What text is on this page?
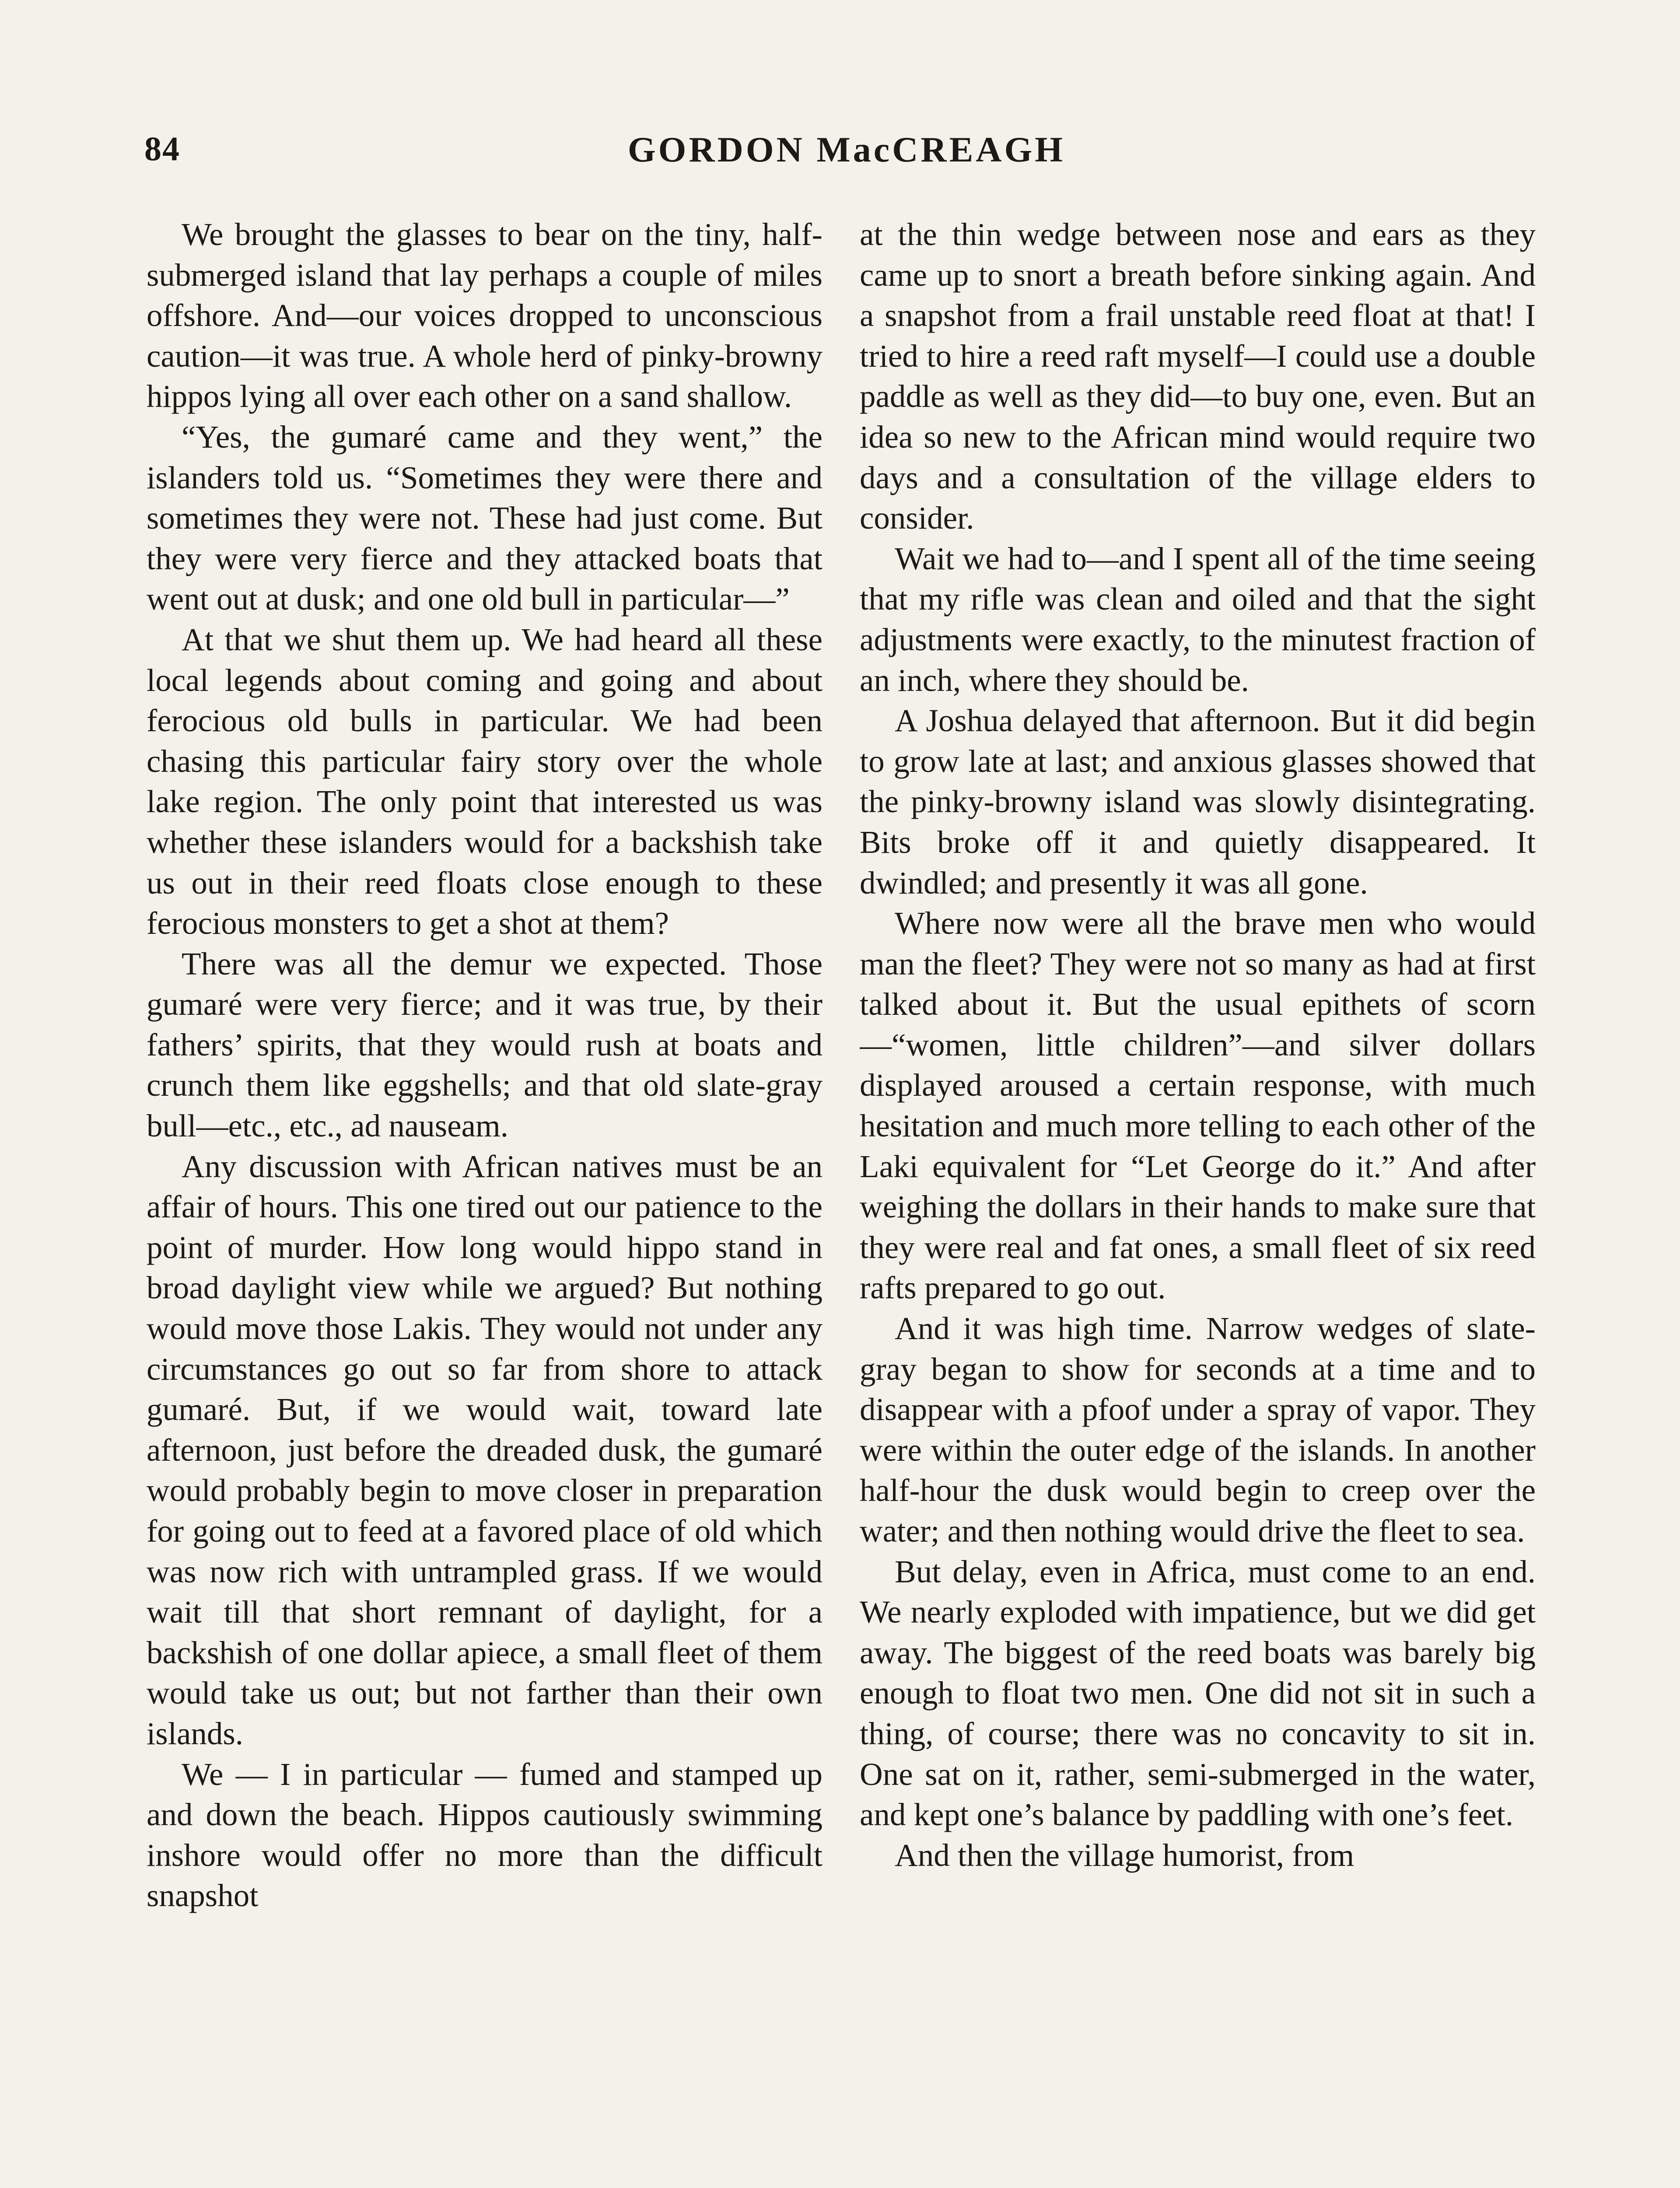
84	GORDON MacCREAGH

We brought the glasses to bear on the tiny, half-submerged island that lay perhaps a couple of miles offshore. And—our voices dropped to unconscious caution—it was true. A whole herd of pinky-browny hippos lying all over each other on a sand shallow.

“Yes, the gumaré came and they went,” the islanders told us. “Sometimes they were there and sometimes they were not. These had just come. But they were very fierce and they attacked boats that went out at dusk; and one old bull in particular—”

At that we shut them up. We had heard all these local legends about coming and going and about ferocious old bulls in particular. We had been chasing this particular fairy story over the whole lake region. The only point that interested us was whether these islanders would for a backshish take us out in their reed floats close enough to these ferocious monsters to get a shot at them?

There was all the demur we expected. Those gumaré were very fierce; and it was true, by their fathers’ spirits, that they would rush at boats and crunch them like eggshells; and that old slate-gray bull—etc., etc., ad nauseam.

Any discussion with African natives must be an affair of hours. This one tired out our patience to the point of murder. How long would hippo stand in broad daylight view while we argued? But nothing would move those Lakis. They would not under any circumstances go out so far from shore to attack gumaré. But, if we would wait, toward late afternoon, just before the dreaded dusk, the gumaré would probably begin to move closer in preparation for going out to feed at a favored place of old which was now rich with untrampled grass. If we would wait till that short remnant of daylight, for a backshish of one dollar apiece, a small fleet of them would take us out; but not farther than their own islands.

We — I in particular — fumed and stamped up and down the beach. Hippos cautiously swimming inshore would offer no more than the difficult snapshot

at the thin wedge between nose and ears as they came up to snort a breath before sinking again. And a snapshot from a frail unstable reed float at that! I tried to hire a reed raft myself—I could use a double paddle as well as they did—to buy one, even. But an idea so new to the African mind would require two days and a consultation of the village elders to consider.

Wait we had to—and I spent all of the time seeing that my rifle was clean and oiled and that the sight adjustments were exactly, to the minutest fraction of an inch, where they should be.

A Joshua delayed that afternoon. But it did begin to grow late at last; and anxious glasses showed that the pinky-browny island was slowly disintegrating. Bits broke off it and quietly disappeared. It dwindled; and presently it was all gone.

Where now were all the brave men who would man the fleet? They were not so many as had at first talked about it. But the usual epithets of scorn—“women, little children”—and silver dollars displayed aroused a certain response, with much hesitation and much more telling to each other of the Laki equivalent for “Let George do it.” And after weighing the dollars in their hands to make sure that they were real and fat ones, a small fleet of six reed rafts prepared to go out.

And it was high time. Narrow wedges of slate-gray began to show for seconds at a time and to disappear with a pfoof under a spray of vapor. They were within the outer edge of the islands. In another half-hour the dusk would begin to creep over the water; and then nothing would drive the fleet to sea.

But delay, even in Africa, must come to an end. We nearly exploded with impatience, but we did get away. The biggest of the reed boats was barely big enough to float two men. One did not sit in such a thing, of course; there was no concavity to sit in. One sat on it, rather, semi-submerged in the water, and kept one’s balance by paddling with one’s feet.

And then the village humorist, from
